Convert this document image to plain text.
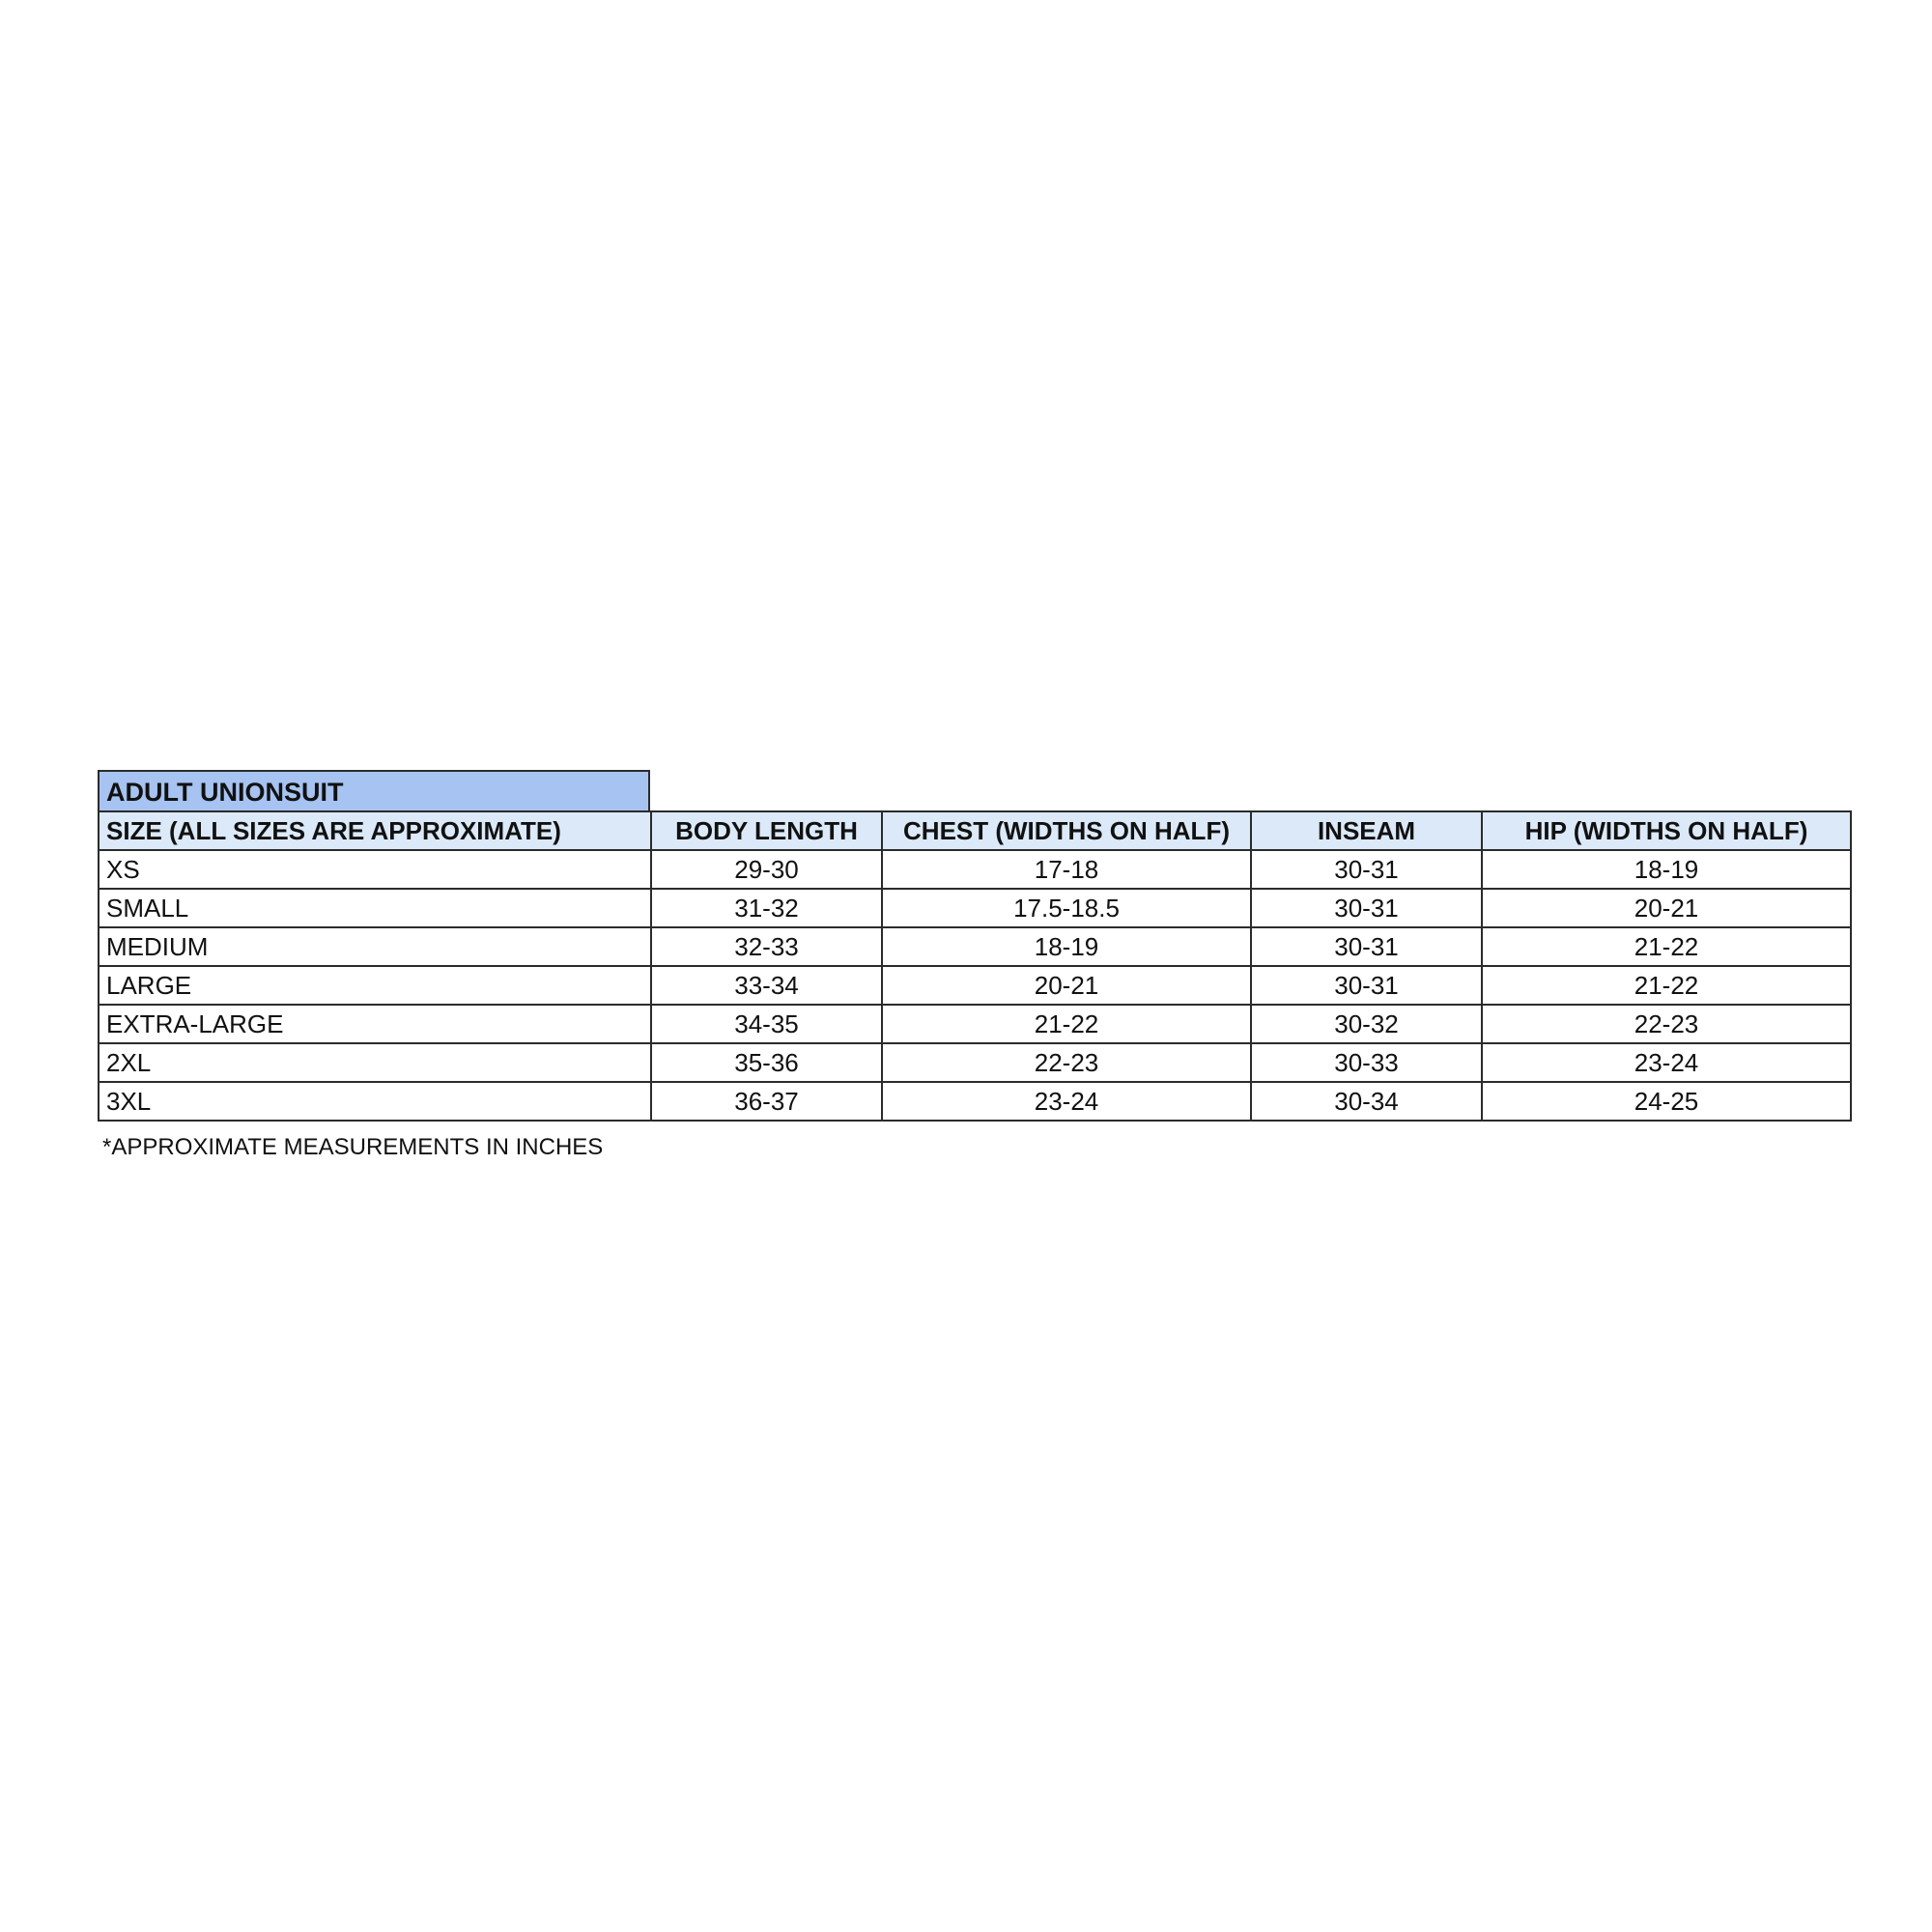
ADULT UNIONSUIT
SIZE (ALL SIZES ARE APPROXIMATE)	BODY LENGTH	CHEST (WIDTHS ON HALF)	INSEAM	HIP (WIDTHS ON HALF)
XS	29-30	17-18	30-31	18-19
SMALL	31-32	17.5-18.5	30-31	20-21
MEDIUM	32-33	18-19	30-31	21-22
LARGE	33-34	20-21	30-31	21-22
EXTRA-LARGE	34-35	21-22	30-32	22-23
2XL	35-36	22-23	30-33	23-24
3XL	36-37	23-24	30-34	24-25
*APPROXIMATE MEASUREMENTS IN INCHES
